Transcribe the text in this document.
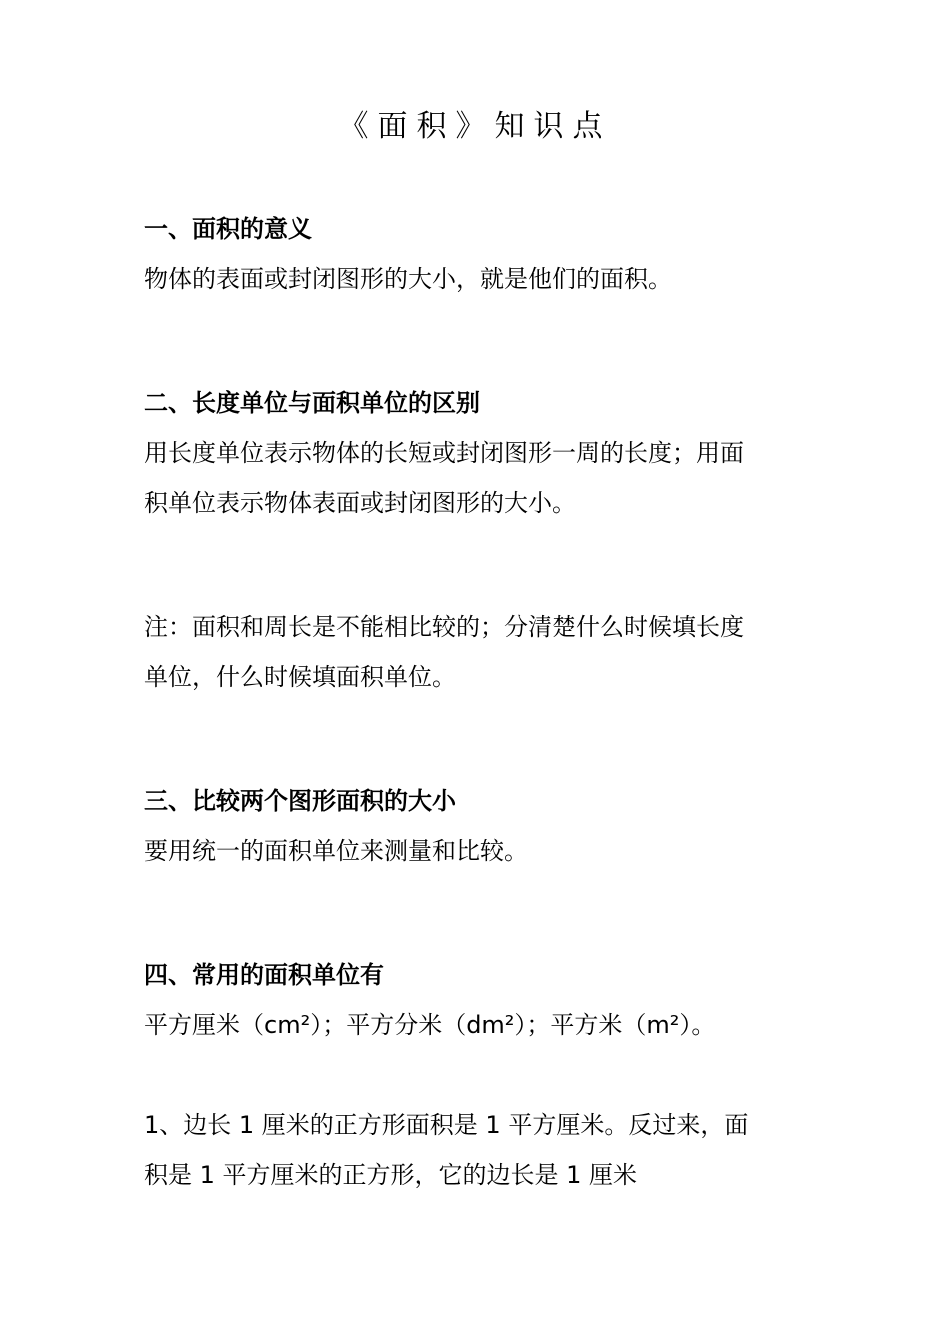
《面积》知识点
一、面积的意义
物体的表面或封闭图形的大小，就是他们的面积。
二、长度单位与面积单位的区别
用长度单位表示物体的长短或封闭图形一周的长度；用面
积单位表示物体表面或封闭图形的大小。
注：面积和周长是不能相比较的；分清楚什么时候填长度
单位，什么时候填面积单位。
三、比较两个图形面积的大小
要用统一的面积单位来测量和比较。
四、常用的面积单位有
平方厘米（cm²）；平方分米（dm²）；平方米（m²）。
1、边长 1 厘米的正方形面积是 1 平方厘米。反过来，面
积是 1 平方厘米的正方形，它的边长是 1 厘米
